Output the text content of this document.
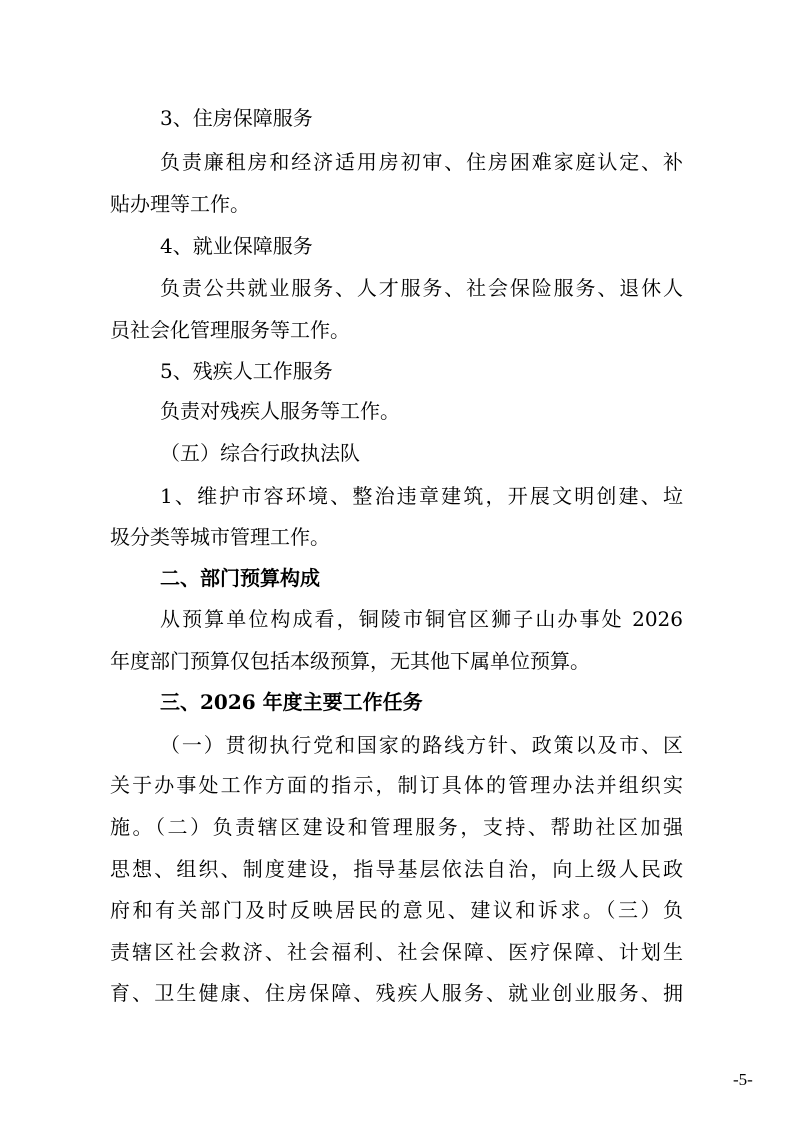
3、住房保障服务
负责廉租房和经济适用房初审、住房困难家庭认定、补
贴办理等工作。
4、就业保障服务
负责公共就业服务、人才服务、社会保险服务、退休人
员社会化管理服务等工作。
5、残疾人工作服务
负责对残疾人服务等工作。
（五）综合行政执法队
1、维护市容环境、整治违章建筑，开展文明创建、垃
圾分类等城市管理工作。
二、部门预算构成
从预算单位构成看，铜陵市铜官区狮子山办事处 2026
年度部门预算仅包括本级预算，无其他下属单位预算。
三、2026 年度主要工作任务
（一）贯彻执行党和国家的路线方针、政策以及市、区
关于办事处工作方面的指示，制订具体的管理办法并组织实
施。（二）负责辖区建设和管理服务，支持、帮助社区加强
思想、组织、制度建设，指导基层依法自治，向上级人民政
府和有关部门及时反映居民的意见、建议和诉求。（三）负
责辖区社会救济、社会福利、社会保障、医疗保障、计划生
育、卫生健康、住房保障、残疾人服务、就业创业服务、拥
-5-
